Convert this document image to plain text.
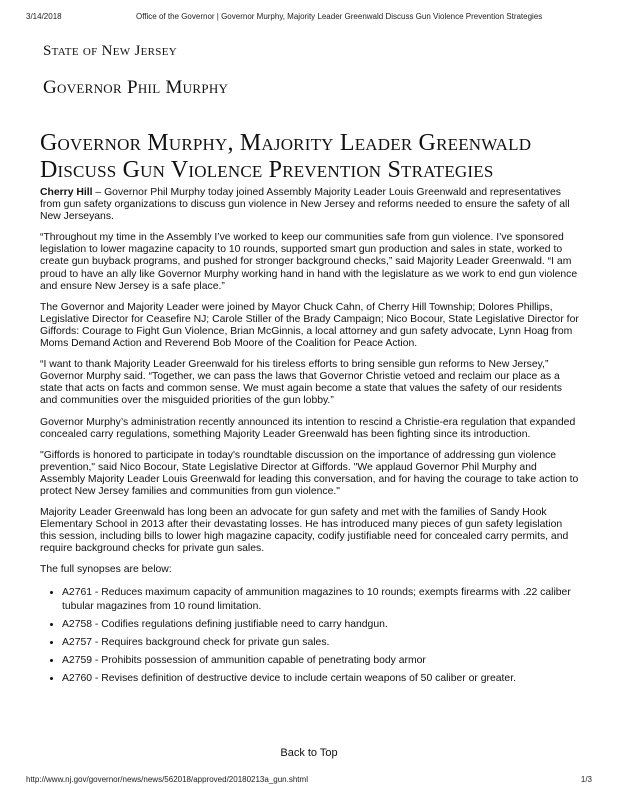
3/14/2018	Office of the Governor | Governor Murphy, Majority Leader Greenwald Discuss Gun Violence Prevention Strategies
State of New Jersey
Governor Phil Murphy
Governor Murphy, Majority Leader Greenwald Discuss Gun Violence Prevention Strategies

Cherry Hill – Governor Phil Murphy today joined Assembly Majority Leader Louis Greenwald and representatives from gun safety organizations to discuss gun violence in New Jersey and reforms needed to ensure the safety of all New Jerseyans.

“Throughout my time in the Assembly I’ve worked to keep our communities safe from gun violence. I’ve sponsored legislation to lower magazine capacity to 10 rounds, supported smart gun production and sales in state, worked to create gun buyback programs, and pushed for stronger background checks,” said Majority Leader Greenwald. “I am proud to have an ally like Governor Murphy working hand in hand with the legislature as we work to end gun violence and ensure New Jersey is a safe place.”

The Governor and Majority Leader were joined by Mayor Chuck Cahn, of Cherry Hill Township; Dolores Phillips, Legislative Director for Ceasefire NJ; Carole Stiller of the Brady Campaign; Nico Bocour, State Legislative Director for Giffords: Courage to Fight Gun Violence, Brian McGinnis, a local attorney and gun safety advocate, Lynn Hoag from Moms Demand Action and Reverend Bob Moore of the Coalition for Peace Action.

“I want to thank Majority Leader Greenwald for his tireless efforts to bring sensible gun reforms to New Jersey,” Governor Murphy said. “Together, we can pass the laws that Governor Christie vetoed and reclaim our place as a state that acts on facts and common sense. We must again become a state that values the safety of our residents and communities over the misguided priorities of the gun lobby.”

Governor Murphy’s administration recently announced its intention to rescind a Christie-era regulation that expanded concealed carry regulations, something Majority Leader Greenwald has been fighting since its introduction.

"Giffords is honored to participate in today's roundtable discussion on the importance of addressing gun violence prevention," said Nico Bocour, State Legislative Director at Giffords. "We applaud Governor Phil Murphy and Assembly Majority Leader Louis Greenwald for leading this conversation, and for having the courage to take action to protect New Jersey families and communities from gun violence."

Majority Leader Greenwald has long been an advocate for gun safety and met with the families of Sandy Hook Elementary School in 2013 after their devastating losses. He has introduced many pieces of gun safety legislation this session, including bills to lower high magazine capacity, codify justifiable need for concealed carry permits, and require background checks for private gun sales.

The full synopses are below:

• A2761 - Reduces maximum capacity of ammunition magazines to 10 rounds; exempts firearms with .22 caliber tubular magazines from 10 round limitation.
• A2758 - Codifies regulations defining justifiable need to carry handgun.
• A2757 - Requires background check for private gun sales.
• A2759 - Prohibits possession of ammunition capable of penetrating body armor
• A2760 - Revises definition of destructive device to include certain weapons of 50 caliber or greater.
Back to Top
http://www.nj.gov/governor/news/news/562018/approved/20180213a_gun.shtml	1/3
